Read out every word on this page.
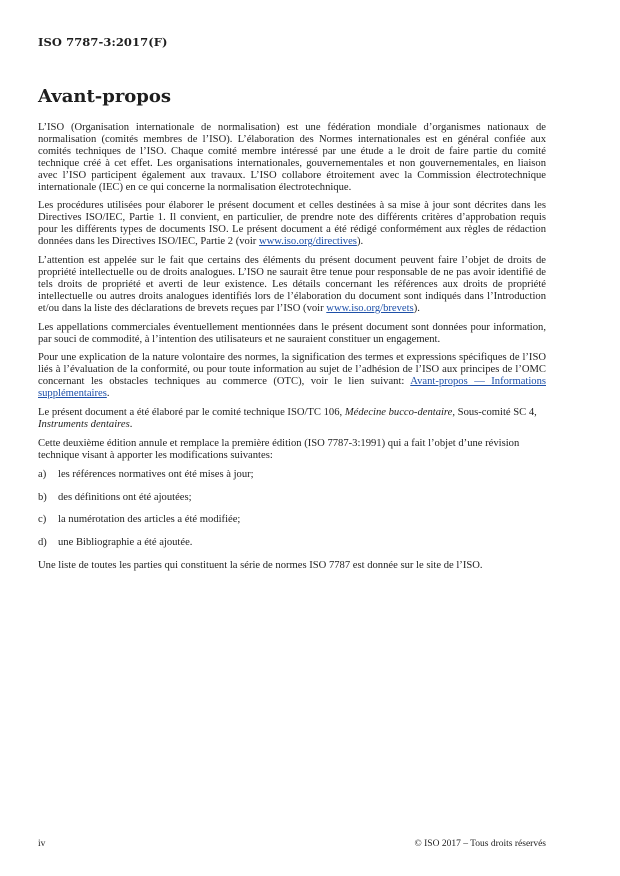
ISO 7787-3:2017(F)
Avant-propos

L’ISO (Organisation internationale de normalisation) est une fédération mondiale d’organismes nationaux de normalisation (comités membres de l’ISO). L’élaboration des Normes internationales est en général confiée aux comités techniques de l’ISO. Chaque comité membre intéressé par une étude a le droit de faire partie du comité technique créé à cet effet. Les organisations internationales, gouvernementales et non gouvernementales, en liaison avec l’ISO participent également aux travaux. L’ISO collabore étroitement avec la Commission électrotechnique internationale (IEC) en ce qui concerne la normalisation électrotechnique.

Les procédures utilisées pour élaborer le présent document et celles destinées à sa mise à jour sont décrites dans les Directives ISO/IEC, Partie 1. Il convient, en particulier, de prendre note des différents critères d’approbation requis pour les différents types de documents ISO. Le présent document a été rédigé conformément aux règles de rédaction données dans les Directives ISO/IEC, Partie 2 (voir www.iso.org/directives).

L’attention est appelée sur le fait que certains des éléments du présent document peuvent faire l’objet de droits de propriété intellectuelle ou de droits analogues. L’ISO ne saurait être tenue pour responsable de ne pas avoir identifié de tels droits de propriété et averti de leur existence. Les détails concernant les références aux droits de propriété intellectuelle ou autres droits analogues identifiés lors de l’élaboration du document sont indiqués dans l’Introduction et/ou dans la liste des déclarations de brevets reçues par l’ISO (voir www.iso.org/brevets).

Les appellations commerciales éventuellement mentionnées dans le présent document sont données pour information, par souci de commodité, à l’intention des utilisateurs et ne sauraient constituer un engagement.

Pour une explication de la nature volontaire des normes, la signification des termes et expressions spécifiques de l’ISO liés à l’évaluation de la conformité, ou pour toute information au sujet de l’adhésion de l’ISO aux principes de l’OMC concernant les obstacles techniques au commerce (OTC), voir le lien suivant: Avant-propos — Informations supplémentaires.

Le présent document a été élaboré par le comité technique ISO/TC 106, Médecine bucco-dentaire, Sous-comité SC 4, Instruments dentaires.

Cette deuxième édition annule et remplace la première édition (ISO 7787-3:1991) qui a fait l’objet d’une révision technique visant à apporter les modifications suivantes:

a)	les références normatives ont été mises à jour;
b)	des définitions ont été ajoutées;
c)	la numérotation des articles a été modifiée;
d)	une Bibliographie a été ajoutée.

Une liste de toutes les parties qui constituent la série de normes ISO 7787 est donnée sur le site de l’ISO.

iv	© ISO 2017 – Tous droits réservés
